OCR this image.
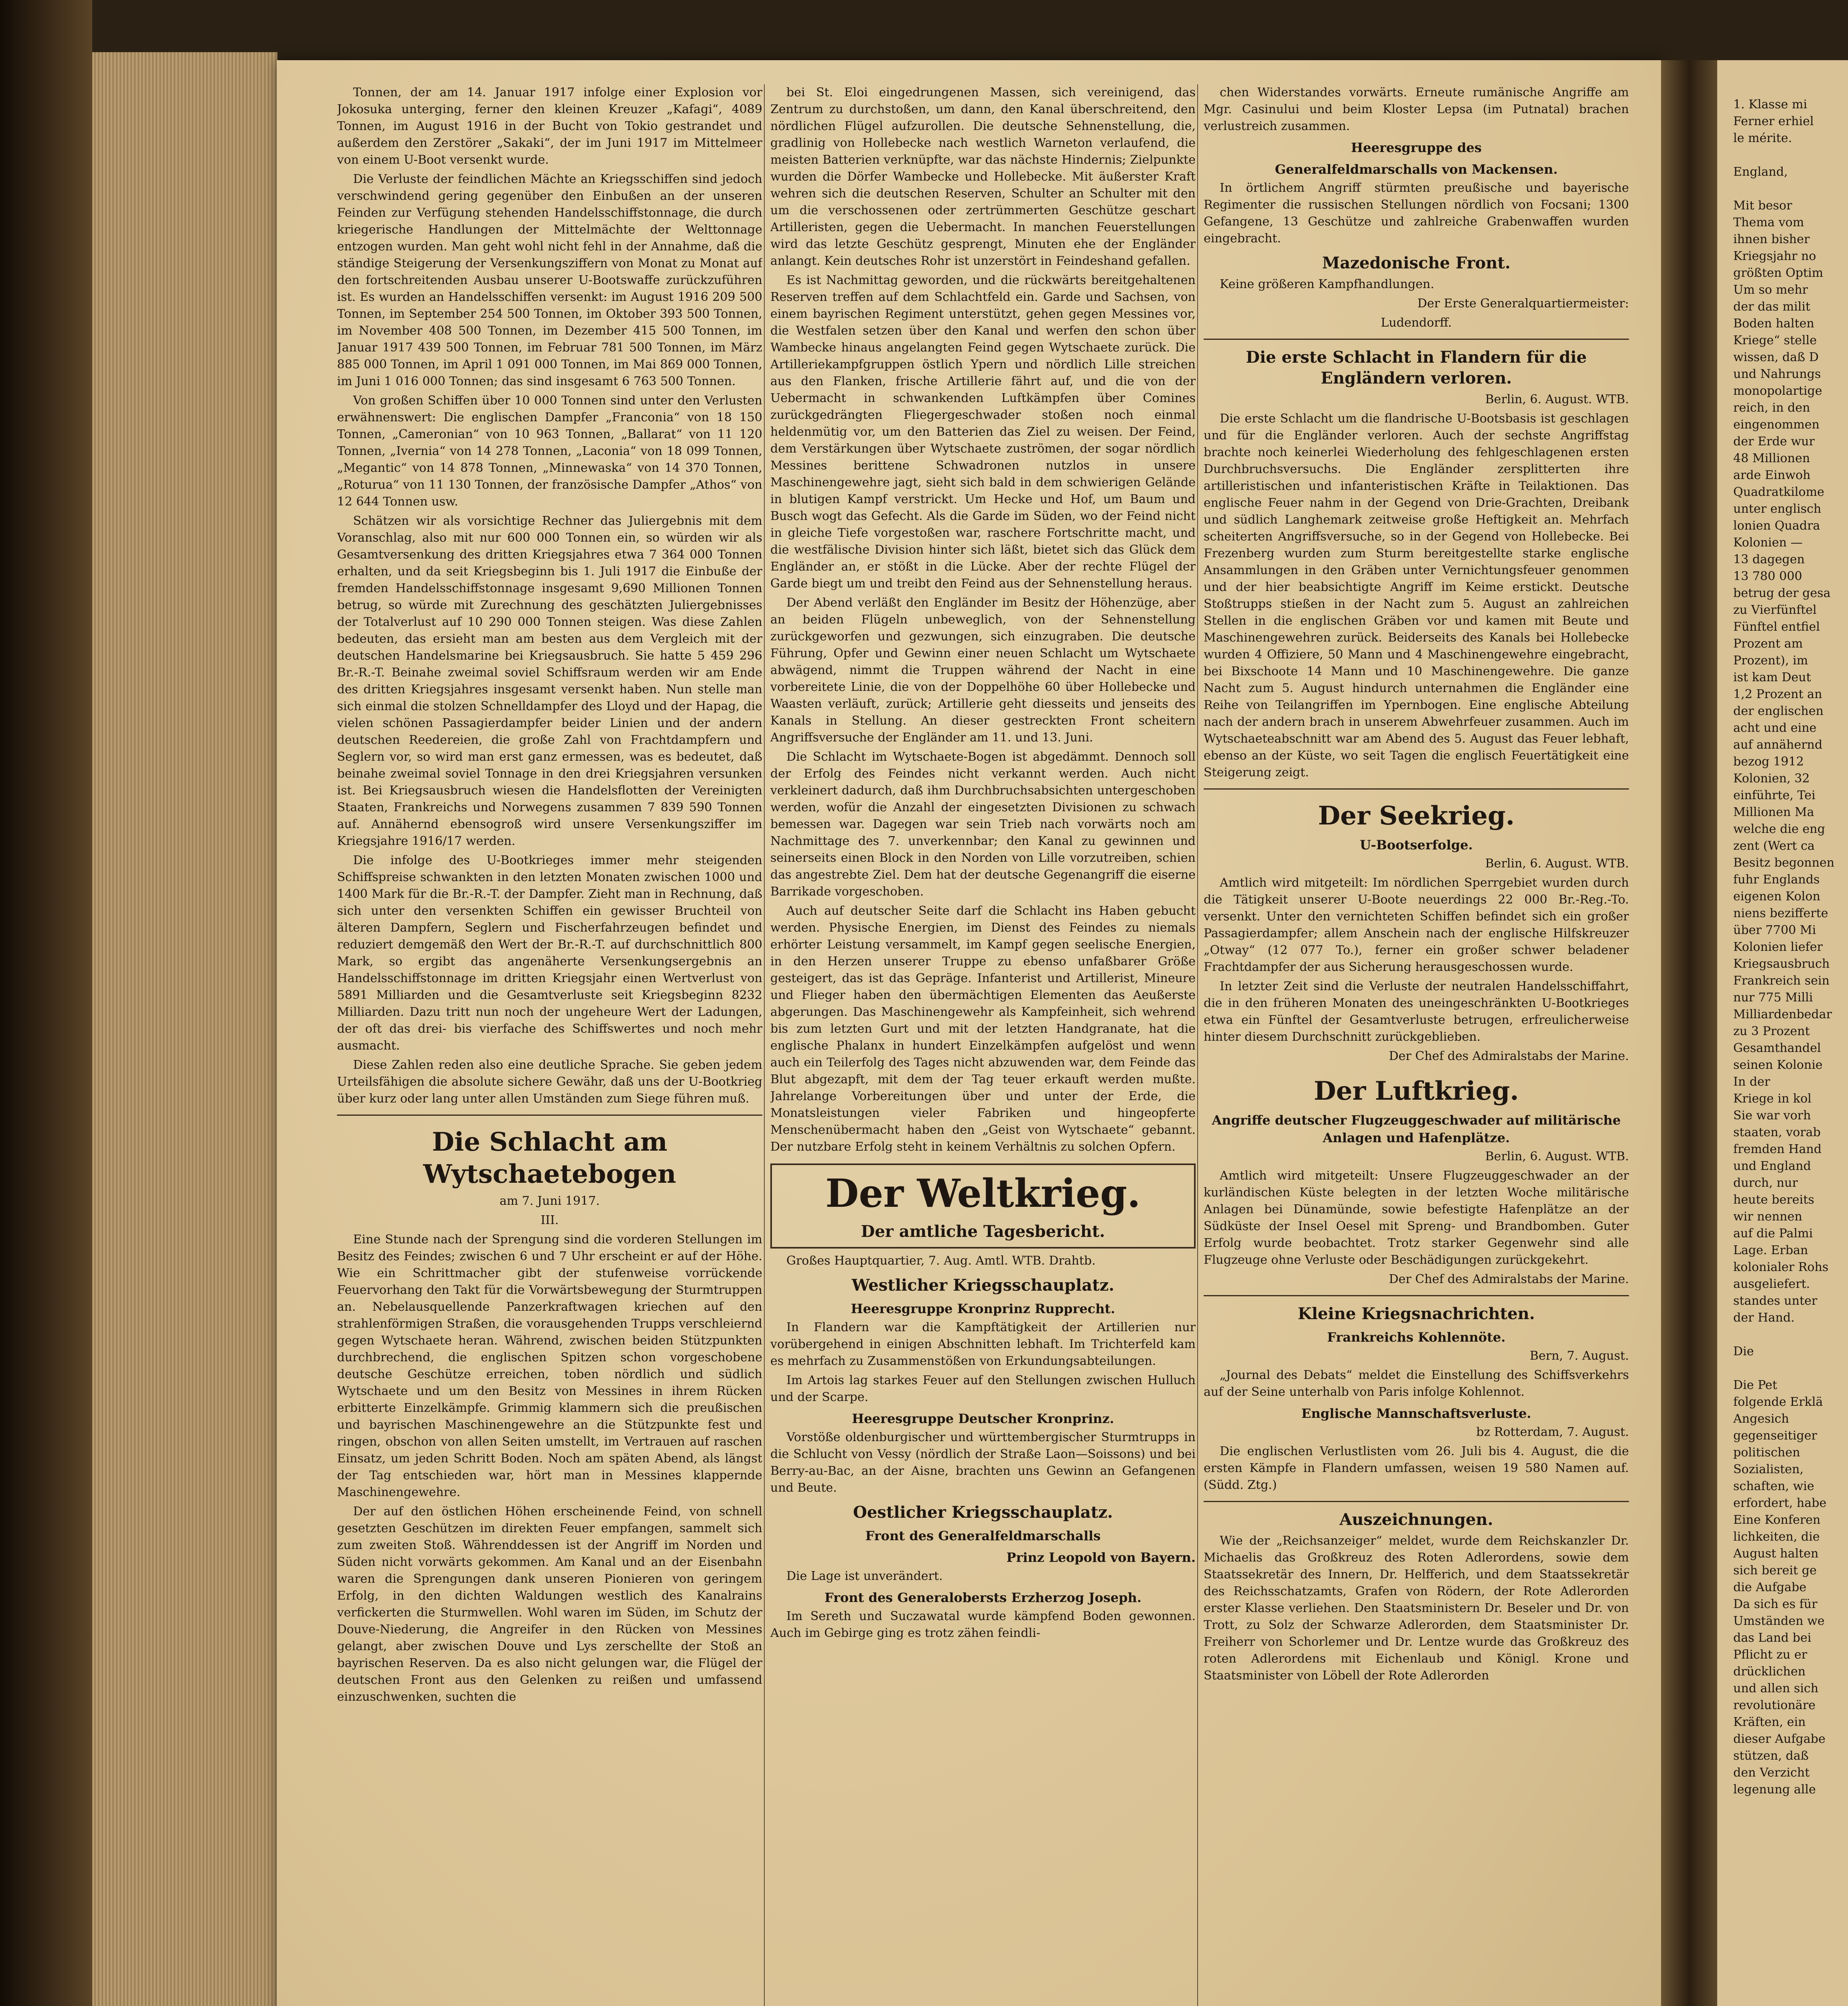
Tonnen, der am 14. Januar 1917 infolge einer Explosion vor Jokosuka unterging, ferner den kleinen Kreuzer „Kafagi“, 4089 Tonnen, im August 1916 in der Bucht von Tokio gestrandet und außerdem den Zerstörer „Sakaki“, der im Juni 1917 im Mittelmeer von einem U-Boot versenkt wurde.

Die Verluste der feindlichen Mächte an Kriegsschiffen sind jedoch verschwindend gering gegenüber den Einbußen an der unseren Feinden zur Verfügung stehenden Handelsschiffstonnage, die durch kriegerische Handlungen der Mittelmächte der Welttonnage entzogen wurden. Man geht wohl nicht fehl in der Annahme, daß die ständige Steigerung der Versenkungsziffern von Monat zu Monat auf den fortschreitenden Ausbau unserer U-Bootswaffe zurückzuführen ist. Es wurden an Handelsschiffen versenkt: im August 1916 209 500 Tonnen, im September 254 500 Tonnen, im Oktober 393 500 Tonnen, im November 408 500 Tonnen, im Dezember 415 500 Tonnen, im Januar 1917 439 500 Tonnen, im Februar 781 500 Tonnen, im März 885 000 Tonnen, im April 1 091 000 Tonnen, im Mai 869 000 Tonnen, im Juni 1 016 000 Tonnen; das sind insgesamt 6 763 500 Tonnen.

Von großen Schiffen über 10 000 Tonnen sind unter den Verlusten erwähnenswert: Die englischen Dampfer „Franconia“ von 18 150 Tonnen, „Cameronian“ von 10 963 Tonnen, „Ballarat“ von 11 120 Tonnen, „Ivernia“ von 14 278 Tonnen, „Laconia“ von 18 099 Tonnen, „Megantic“ von 14 878 Tonnen, „Minnewaska“ von 14 370 Tonnen, „Roturua“ von 11 130 Tonnen, der französische Dampfer „Athos“ von 12 644 Tonnen usw.

Schätzen wir als vorsichtige Rechner das Juliergebnis mit dem Voranschlag, also mit nur 600 000 Tonnen ein, so würden wir als Gesamtversenkung des dritten Kriegsjahres etwa 7 364 000 Tonnen erhalten, und da seit Kriegsbeginn bis 1. Juli 1917 die Einbuße der fremden Handelsschiffstonnage insgesamt 9,690 Millionen Tonnen betrug, so würde mit Zurechnung des geschätzten Juliergebnisses der Totalverlust auf 10 290 000 Tonnen steigen. Was diese Zahlen bedeuten, das ersieht man am besten aus dem Vergleich mit der deutschen Handelsmarine bei Kriegsausbruch. Sie hatte 5 459 296 Br.-R.-T. Beinahe zweimal soviel Schiffsraum werden wir am Ende des dritten Kriegsjahres insgesamt versenkt haben. Nun stelle man sich einmal die stolzen Schnelldampfer des Lloyd und der Hapag, die vielen schönen Passagierdampfer beider Linien und der andern deutschen Reedereien, die große Zahl von Frachtdampfern und Seglern vor, so wird man erst ganz ermessen, was es bedeutet, daß beinahe zweimal soviel Tonnage in den drei Kriegsjahren versunken ist. Bei Kriegsausbruch wiesen die Handelsflotten der Vereinigten Staaten, Frankreichs und Norwegens zusammen 7 839 590 Tonnen auf. Annähernd ebensogroß wird unsere Versenkungsziffer im Kriegsjahre 1916/17 werden.

Die infolge des U-Bootkrieges immer mehr steigenden Schiffspreise schwankten in den letzten Monaten zwischen 1000 und 1400 Mark für die Br.-R.-T. der Dampfer. Zieht man in Rechnung, daß sich unter den versenkten Schiffen ein gewisser Bruchteil von älteren Dampfern, Seglern und Fischerfahrzeugen befindet und reduziert demgemäß den Wert der Br.-R.-T. auf durchschnittlich 800 Mark, so ergibt das angenäherte Versenkungsergebnis an Handelsschiffstonnage im dritten Kriegsjahr einen Wertverlust von 5891 Milliarden und die Gesamtverluste seit Kriegsbeginn 8232 Milliarden. Dazu tritt nun noch der ungeheure Wert der Ladungen, der oft das drei- bis vierfache des Schiffswertes und noch mehr ausmacht.

Diese Zahlen reden also eine deutliche Sprache. Sie geben jedem Urteilsfähigen die absolute sichere Gewähr, daß uns der U-Bootkrieg über kurz oder lang unter allen Umständen zum Siege führen muß.

Die Schlacht am Wytschaetebogen

am 7. Juni 1917.

III.

Eine Stunde nach der Sprengung sind die vorderen Stellungen im Besitz des Feindes; zwischen 6 und 7 Uhr erscheint er auf der Höhe. Wie ein Schrittmacher gibt der stufenweise vorrückende Feuervorhang den Takt für die Vorwärtsbewegung der Sturmtruppen an. Nebelausquellende Panzerkraftwagen kriechen auf den strahlenförmigen Straßen, die vorausgehenden Trupps verschleiernd gegen Wytschaete heran. Während, zwischen beiden Stützpunkten durchbrechend, die englischen Spitzen schon vorgeschobene deutsche Geschütze erreichen, toben nördlich und südlich Wytschaete und um den Besitz von Messines in ihrem Rücken erbitterte Einzelkämpfe. Grimmig klammern sich die preußischen und bayrischen Maschinengewehre an die Stützpunkte fest und ringen, obschon von allen Seiten umstellt, im Vertrauen auf raschen Einsatz, um jeden Schritt Boden. Noch am späten Abend, als längst der Tag entschieden war, hört man in Messines klappernde Maschinengewehre.

Der auf den östlichen Höhen erscheinende Feind, von schnell gesetzten Geschützen im direkten Feuer empfangen, sammelt sich zum zweiten Stoß. Währenddessen ist der Angriff im Norden und Süden nicht vorwärts gekommen. Am Kanal und an der Eisenbahn waren die Sprengungen dank unseren Pionieren von geringem Erfolg, in den dichten Waldungen westlich des Kanalrains verfickerten die Sturmwellen. Wohl waren im Süden, im Schutz der Douve-Niederung, die Angreifer in den Rücken von Messines gelangt, aber zwischen Douve und Lys zerschellte der Stoß an bayrischen Reserven. Da es also nicht gelungen war, die Flügel der deutschen Front aus den Gelenken zu reißen und umfassend einzuschwenken, suchten die

bei St. Eloi eingedrungenen Massen, sich vereinigend, das Zentrum zu durchstoßen, um dann, den Kanal überschreitend, den nördlichen Flügel aufzurollen. Die deutsche Sehnenstellung, die, gradlinig von Hollebecke nach westlich Warneton verlaufend, die meisten Batterien verknüpfte, war das nächste Hindernis; Zielpunkte wurden die Dörfer Wambecke und Hollebecke. Mit äußerster Kraft wehren sich die deutschen Reserven, Schulter an Schulter mit den um die verschossenen oder zertrümmerten Geschütze geschart Artilleristen, gegen die Uebermacht. In manchen Feuerstellungen wird das letzte Geschütz gesprengt, Minuten ehe der Engländer anlangt. Kein deutsches Rohr ist unzerstört in Feindeshand gefallen.

Es ist Nachmittag geworden, und die rückwärts bereitgehaltenen Reserven treffen auf dem Schlachtfeld ein. Garde und Sachsen, von einem bayrischen Regiment unterstützt, gehen gegen Messines vor, die Westfalen setzen über den Kanal und werfen den schon über Wambecke hinaus angelangten Feind gegen Wytschaete zurück. Die Artilleriekampfgruppen östlich Ypern und nördlich Lille streichen aus den Flanken, frische Artillerie fährt auf, und die von der Uebermacht in schwankenden Luftkämpfen über Comines zurückgedrängten Fliegergeschwader stoßen noch einmal heldenmütig vor, um den Batterien das Ziel zu weisen. Der Feind, dem Verstärkungen über Wytschaete zuströmen, der sogar nördlich Messines berittene Schwadronen nutzlos in unsere Maschinengewehre jagt, sieht sich bald in dem schwierigen Gelände in blutigen Kampf verstrickt. Um Hecke und Hof, um Baum und Busch wogt das Gefecht. Als die Garde im Süden, wo der Feind nicht in gleiche Tiefe vorgestoßen war, raschere Fortschritte macht, und die westfälische Division hinter sich läßt, bietet sich das Glück dem Engländer an, er stößt in die Lücke. Aber der rechte Flügel der Garde biegt um und treibt den Feind aus der Sehnenstellung heraus.

Der Abend verläßt den Engländer im Besitz der Höhenzüge, aber an beiden Flügeln unbeweglich, von der Sehnenstellung zurückgeworfen und gezwungen, sich einzugraben. Die deutsche Führung, Opfer und Gewinn einer neuen Schlacht um Wytschaete abwägend, nimmt die Truppen während der Nacht in eine vorbereitete Linie, die von der Doppelhöhe 60 über Hollebecke und Waasten verläuft, zurück; Artillerie geht diesseits und jenseits des Kanals in Stellung. An dieser gestreckten Front scheitern Angriffsversuche der Engländer am 11. und 13. Juni.

Die Schlacht im Wytschaete-Bogen ist abgedämmt. Dennoch soll der Erfolg des Feindes nicht verkannt werden. Auch nicht verkleinert dadurch, daß ihm Durchbruchsabsichten untergeschoben werden, wofür die Anzahl der eingesetzten Divisionen zu schwach bemessen war. Dagegen war sein Trieb nach vorwärts noch am Nachmittage des 7. unverkennbar; den Kanal zu gewinnen und seinerseits einen Block in den Norden von Lille vorzutreiben, schien das angestrebte Ziel. Dem hat der deutsche Gegenangriff die eiserne Barrikade vorgeschoben.

Auch auf deutscher Seite darf die Schlacht ins Haben gebucht werden. Physische Energien, im Dienst des Feindes zu niemals erhörter Leistung versammelt, im Kampf gegen seelische Energien, in den Herzen unserer Truppe zu ebenso unfaßbarer Größe gesteigert, das ist das Gepräge. Infanterist und Artillerist, Mineure und Flieger haben den übermächtigen Elementen das Aeußerste abgerungen. Das Maschinengewehr als Kampfeinheit, sich wehrend bis zum letzten Gurt und mit der letzten Handgranate, hat die englische Phalanx in hundert Einzelkämpfen aufgelöst und wenn auch ein Teilerfolg des Tages nicht abzuwenden war, dem Feinde das Blut abgezapft, mit dem der Tag teuer erkauft werden mußte. Jahrelange Vorbereitungen über und unter der Erde, die Monatsleistungen vieler Fabriken und hingeopferte Menschenübermacht haben den „Geist von Wytschaete“ gebannt. Der nutzbare Erfolg steht in keinem Verhältnis zu solchen Opfern.

Der Weltkrieg.
Der amtliche Tagesbericht.

Großes Hauptquartier, 7. Aug. Amtl. WTB. Drahtb.

Westlicher Kriegsschauplatz.
Heeresgruppe Kronprinz Rupprecht.

In Flandern war die Kampftätigkeit der Artillerien nur vorübergehend in einigen Abschnitten lebhaft. Im Trichterfeld kam es mehrfach zu Zusammenstößen von Erkundungsabteilungen.

Im Artois lag starkes Feuer auf den Stellungen zwischen Hulluch und der Scarpe.

Heeresgruppe Deutscher Kronprinz.

Vorstöße oldenburgischer und württembergischer Sturmtrupps in die Schlucht von Vessy (nördlich der Straße Laon—Soissons) und bei Berry-au-Bac, an der Aisne, brachten uns Gewinn an Gefangenen und Beute.

Oestlicher Kriegsschauplatz.
Front des Generalfeldmarschalls
Prinz Leopold von Bayern.

Die Lage ist unverändert.

Front des Generalobersts Erzherzog Joseph.

Im Sereth und Suczawatal wurde kämpfend Boden gewonnen. Auch im Gebirge ging es trotz zähen feindli-

chen Widerstandes vorwärts. Erneute rumänische Angriffe am Mgr. Casinului und beim Kloster Lepsa (im Putnatal) brachen verlustreich zusammen.

Heeresgruppe des
Generalfeldmarschalls von Mackensen.

In örtlichem Angriff stürmten preußische und bayerische Regimenter die russischen Stellungen nördlich von Focsani; 1300 Gefangene, 13 Geschütze und zahlreiche Grabenwaffen wurden eingebracht.

Mazedonische Front.

Keine größeren Kampfhandlungen.

Der Erste Generalquartiermeister:

Ludendorff.

Die erste Schlacht in Flandern für die Engländern verloren.

Berlin, 6. August. WTB.

Die erste Schlacht um die flandrische U-Bootsbasis ist geschlagen und für die Engländer verloren. Auch der sechste Angriffstag brachte noch keinerlei Wiederholung des fehlgeschlagenen ersten Durchbruchsversuchs. Die Engländer zersplitterten ihre artilleristischen und infanteristischen Kräfte in Teilaktionen. Das englische Feuer nahm in der Gegend von Drie-Grachten, Dreibank und südlich Langhemark zeitweise große Heftigkeit an. Mehrfach scheiterten Angriffsversuche, so in der Gegend von Hollebecke. Bei Frezenberg wurden zum Sturm bereitgestellte starke englische Ansammlungen in den Gräben unter Vernichtungsfeuer genommen und der hier beabsichtigte Angriff im Keime erstickt. Deutsche Stoßtrupps stießen in der Nacht zum 5. August an zahlreichen Stellen in die englischen Gräben vor und kamen mit Beute und Maschinengewehren zurück. Beiderseits des Kanals bei Hollebecke wurden 4 Offiziere, 50 Mann und 4 Maschinengewehre eingebracht, bei Bixschoote 14 Mann und 10 Maschinengewehre. Die ganze Nacht zum 5. August hindurch unternahmen die Engländer eine Reihe von Teilangriffen im Ypernbogen. Eine englische Abteilung nach der andern brach in unserem Abwehrfeuer zusammen. Auch im Wytschaeteabschnitt war am Abend des 5. August das Feuer lebhaft, ebenso an der Küste, wo seit Tagen die englisch Feuertätigkeit eine Steigerung zeigt.

Der Seekrieg.
U-Bootserfolge.

Berlin, 6. August. WTB.

Amtlich wird mitgeteilt: Im nördlichen Sperrgebiet wurden durch die Tätigkeit unserer U-Boote neuerdings 22 000 Br.-Reg.-To. versenkt. Unter den vernichteten Schiffen befindet sich ein großer Passagierdampfer; allem Anschein nach der englische Hilfskreuzer „Otway“ (12 077 To.), ferner ein großer schwer beladener Frachtdampfer der aus Sicherung herausgeschossen wurde.

In letzter Zeit sind die Verluste der neutralen Handelsschiffahrt, die in den früheren Monaten des uneingeschränkten U-Bootkrieges etwa ein Fünftel der Gesamtverluste betrugen, erfreulicherweise hinter diesem Durchschnitt zurückgeblieben.

Der Chef des Admiralstabs der Marine.

Der Luftkrieg.
Angriffe deutscher Flugzeuggeschwader auf militärische Anlagen und Hafenplätze.

Berlin, 6. August. WTB.

Amtlich wird mitgeteilt: Unsere Flugzeuggeschwader an der kurländischen Küste belegten in der letzten Woche militärische Anlagen bei Dünamünde, sowie befestigte Hafenplätze an der Südküste der Insel Oesel mit Spreng- und Brandbomben. Guter Erfolg wurde beobachtet. Trotz starker Gegenwehr sind alle Flugzeuge ohne Verluste oder Beschädigungen zurückgekehrt.

Der Chef des Admiralstabs der Marine.

Kleine Kriegsnachrichten.
Frankreichs Kohlennöte.

Bern, 7. August.

„Journal des Debats“ meldet die Einstellung des Schiffsverkehrs auf der Seine unterhalb von Paris infolge Kohlennot.

Englische Mannschaftsverluste.

bz Rotterdam, 7. August.

Die englischen Verlustlisten vom 26. Juli bis 4. August, die die ersten Kämpfe in Flandern umfassen, weisen 19 580 Namen auf. (Südd. Ztg.)

Auszeichnungen.

Wie der „Reichsanzeiger“ meldet, wurde dem Reichskanzler Dr. Michaelis das Großkreuz des Roten Adlerordens, sowie dem Staatssekretär des Innern, Dr. Helfferich, und dem Staatssekretär des Reichsschatzamts, Grafen von Rödern, der Rote Adlerorden erster Klasse verliehen. Den Staatsministern Dr. Beseler und Dr. von Trott, zu Solz der Schwarze Adlerorden, dem Staatsminister Dr. Freiherr von Schorlemer und Dr. Lentze wurde das Großkreuz des roten Adlerordens mit Eichenlaub und Königl. Krone und Staatsminister von Löbell der Rote Adlerorden

1. Klasse mi
Ferner erhiel
le mérite.
England,
Mit besor
Thema vom
ihnen bisher
Kriegsjahr no
größten Optim
Um so mehr
der das milit
Boden halten
Kriege“ stelle
wissen, daß D
und Nahrungs
monopolartige
reich, in den
eingenommen
der Erde wur
48 Millionen
arde Einwoh
Quadratkilome
unter englisch
lonien Quadra
Kolonien —
13 dagegen
13 780 000
betrug der gesa
zu Vierfünftel
Fünftel entfiel
Prozent am
Prozent), im
ist kam Deut
1,2 Prozent an
der englischen
acht und eine
auf annähernd
bezog 1912
Kolonien, 32
einführte, Tei
Millionen Ma
welche die eng
zent (Wert ca
Besitz begonnen
fuhr Englands
eigenen Kolon
niens bezifferte
über 7700 Mi
Kolonien liefer
Kriegsausbruch
Frankreich sein
nur 775 Milli
Milliardenbedar
zu 3 Prozent
Gesamthandel
seinen Kolonie
In der
Kriege in kol
Sie war vorh
staaten, vorab
fremden Hand
und England
durch, nur
heute bereits
wir nennen
auf die Palmi
Lage. Erban
kolonialer Rohs
ausgeliefert.
standes unter
der Hand.
Die
Die Pet
folgende Erklä
Angesich
gegenseitiger
politischen
Sozialisten,
schaften, wie
erfordert, habe
Eine Konferen
lichkeiten, die
August halten
sich bereit ge
die Aufgabe
Da sich es für
Umständen we
das Land bei
Pflicht zu er
drücklichen
und allen sich
revolutionäre
Kräften, ein
dieser Aufgabe
stützen, daß
den Verzicht
legenung alle
